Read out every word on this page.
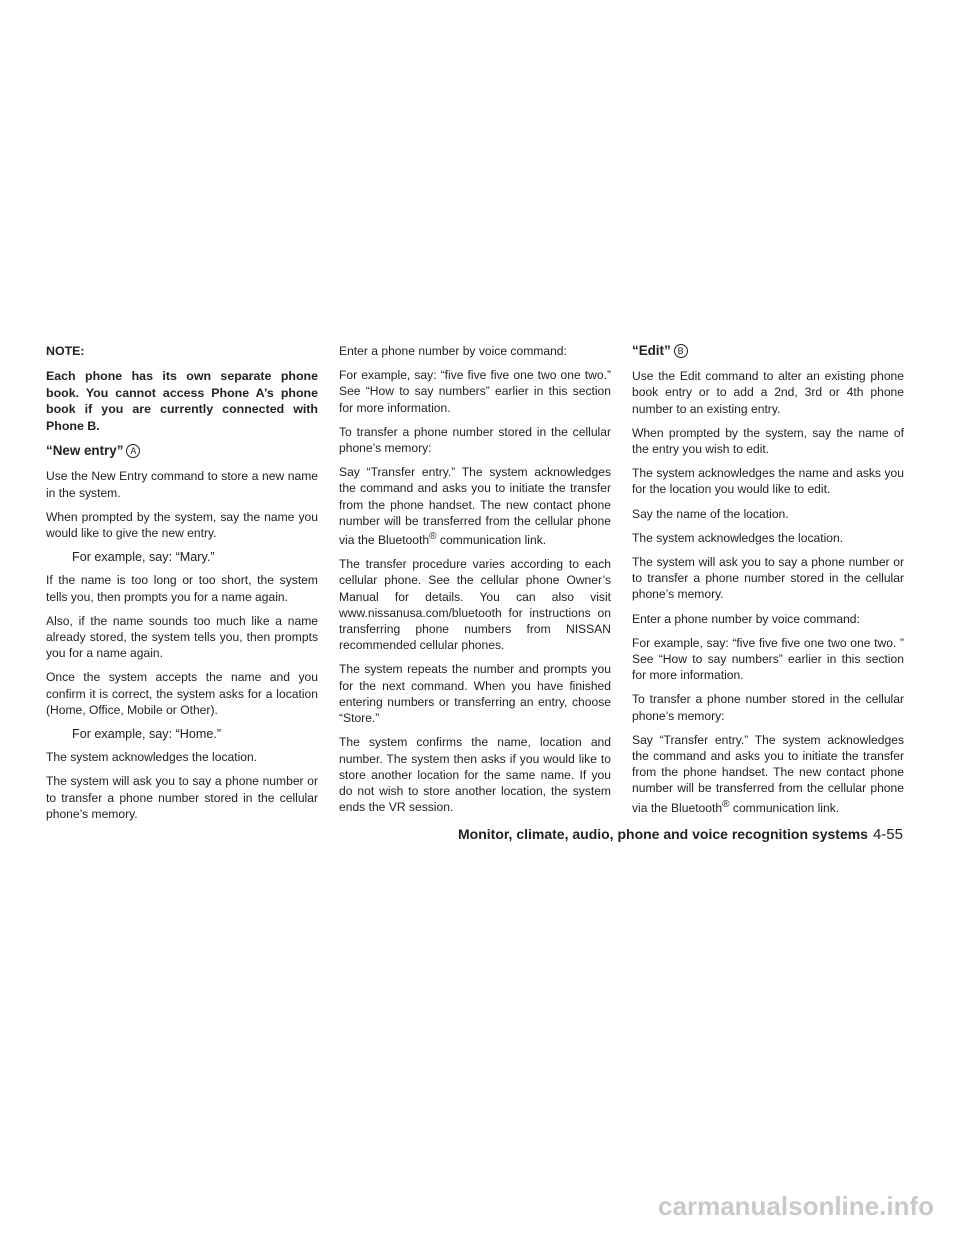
NOTE:

Each phone has its own separate phone book. You cannot access Phone A’s phone book if you are currently connected with Phone B.

“New entry” A

Use the New Entry command to store a new name in the system.

When prompted by the system, say the name you would like to give the new entry.

For example, say: “Mary.”

If the name is too long or too short, the system tells you, then prompts you for a name again.

Also, if the name sounds too much like a name already stored, the system tells you, then prompts you for a name again.

Once the system accepts the name and you confirm it is correct, the system asks for a location (Home, Office, Mobile or Other).

For example, say: “Home.”

The system acknowledges the location.

The system will ask you to say a phone number or to transfer a phone number stored in the cellular phone’s memory.

Enter a phone number by voice command:

For example, say: “five five five one two one two.” See “How to say numbers” earlier in this section for more information.

To transfer a phone number stored in the cellular phone’s memory:

Say “Transfer entry.” The system acknowledges the command and asks you to initiate the transfer from the phone handset. The new contact phone number will be transferred from the cellular phone via the Bluetooth® communication link.

The transfer procedure varies according to each cellular phone. See the cellular phone Owner’s Manual for details. You can also visit www.nissanusa.com/bluetooth for instructions on transferring phone numbers from NISSAN recommended cellular phones.

The system repeats the number and prompts you for the next command. When you have finished entering numbers or transferring an entry, choose “Store.”

The system confirms the name, location and number. The system then asks if you would like to store another location for the same name. If you do not wish to store another location, the system ends the VR session.

“Edit” B

Use the Edit command to alter an existing phone book entry or to add a 2nd, 3rd or 4th phone number to an existing entry.

When prompted by the system, say the name of the entry you wish to edit.

The system acknowledges the name and asks you for the location you would like to edit.

Say the name of the location.

The system acknowledges the location.

The system will ask you to say a phone number or to transfer a phone number stored in the cellular phone’s memory.

Enter a phone number by voice command:

For example, say: “five five five one two one two. ” See “How to say numbers” earlier in this section for more information.

To transfer a phone number stored in the cellular phone’s memory:

Say “Transfer entry.” The system acknowledges the command and asks you to initiate the transfer from the phone handset. The new contact phone number will be transferred from the cellular phone via the Bluetooth® communication link.

Monitor, climate, audio, phone and voice recognition systems 4-55
carmanualsonline.info
